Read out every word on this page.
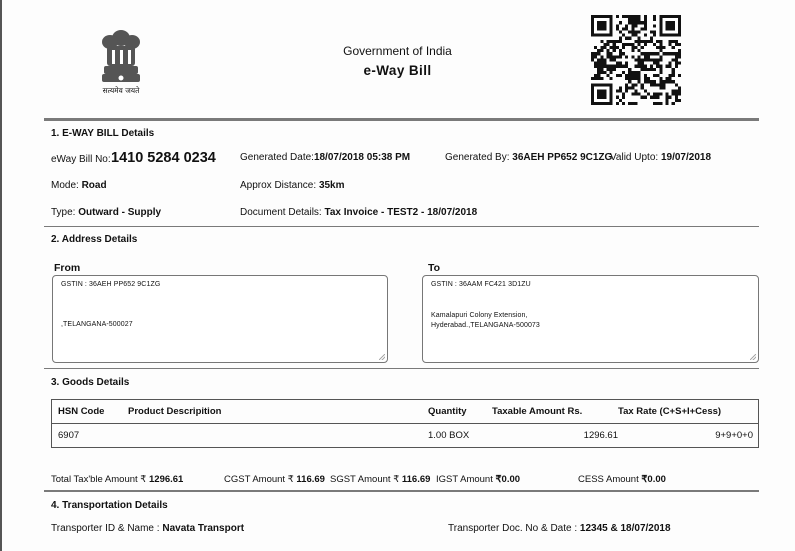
सत्यमेव जयते
Government of India
e-Way Bill
1. E-WAY BILL Details
eWay Bill No: 1410 5284 0234 Generated Date:18/07/2018 05:38 PM	Generated By: 36AEH PP652 9C1ZG
Valid Upto: 19/07/2018
Mode: Road	Approx Distance: 35km
Type: Outward - Supply	Document Details: Tax Invoice - TEST2 - 18/07/2018
2. Address Details
From
GSTIN : 36AEH PP652 9C1ZG
,TELANGANA-500027
To
GSTIN : 36AAM FC421 3D1ZU
Kamalapuri Colony Extension,
Hyderabad.,TELANGANA-500073
3. Goods Details
HSN Code	Product Descripition	Quantity	Taxable Amount Rs.	Tax Rate (C+S+I+Cess)
6907		1.00 BOX	1296.61	9+9+0+0
Total Tax'ble Amount ₹ 1296.61	CGST Amount ₹ 116.69 SGST Amount ₹ 116.69 IGST Amount ₹0.00	CESS Amount ₹0.00
4. Transportation Details
Transporter ID & Name : Navata Transport	Transporter Doc. No & Date : 12345 & 18/07/2018
